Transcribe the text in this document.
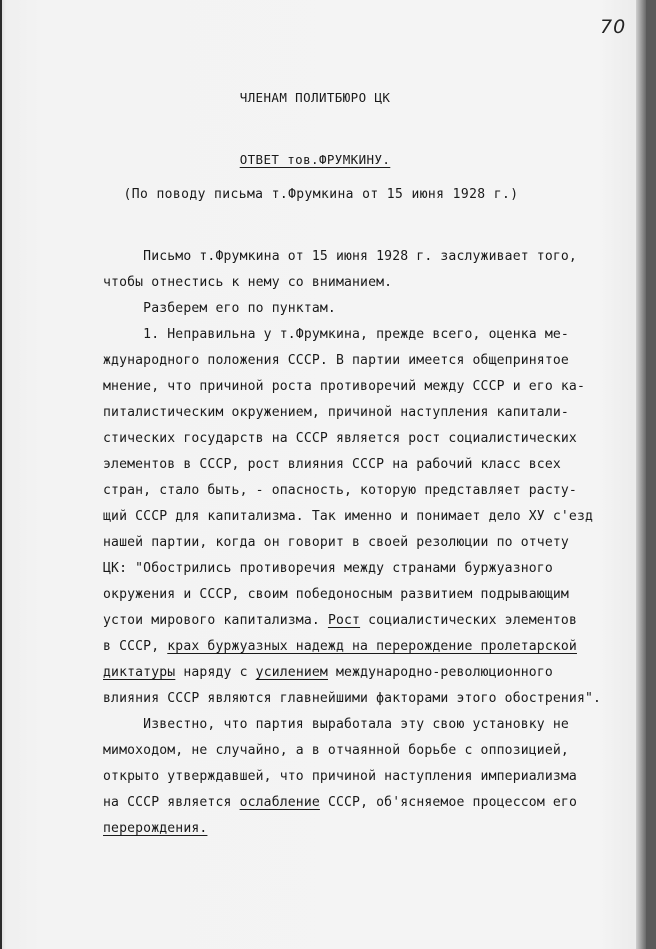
70
ЧЛЕНАМ ПОЛИТБЮРО ЦК
ОТВЕТ тов.ФРУМКИНУ.
(По поводу письма т.Фрумкина от 15 июня 1928 г.)
Письмо т.Фрумкина от 15 июня 1928 г. заслуживает того,
чтобы отнестись к нему со вниманием.
Разберем его по пунктам.
1. Неправильна у т.Фрумкина, прежде всего, оценка ме-
ждународного положения СССР. В партии имеется общепринятое
мнение, что причиной роста противоречий между СССР и его ка-
питалистическим окружением, причиной наступления капитали-
стических государств на СССР является рост социалистических
элементов в СССР, рост влияния СССР на рабочий класс всех
стран, стало быть, - опасность, которую представляет расту-
щий СССР для капитализма. Так именно и понимает дело ХУ с'езд
нашей партии, когда он говорит в своей резолюции по отчету
ЦК: "Обострились противоречия между странами буржуазного
окружения и СССР, своим победоносным развитием подрывающим
устои мирового капитализма. Рост социалистических элементов
в СССР, крах буржуазных надежд на перерождение пролетарской
диктатуры наряду с усилением международно-революционного
влияния СССР являются главнейшими факторами этого обострения".
Известно, что партия выработала эту свою установку не
мимоходом, не случайно, а в отчаянной борьбе с оппозицией,
открыто утверждавшей, что причиной наступления империализма
на СССР является ослабление СССР, об'ясняемое процессом его
перерождения.
